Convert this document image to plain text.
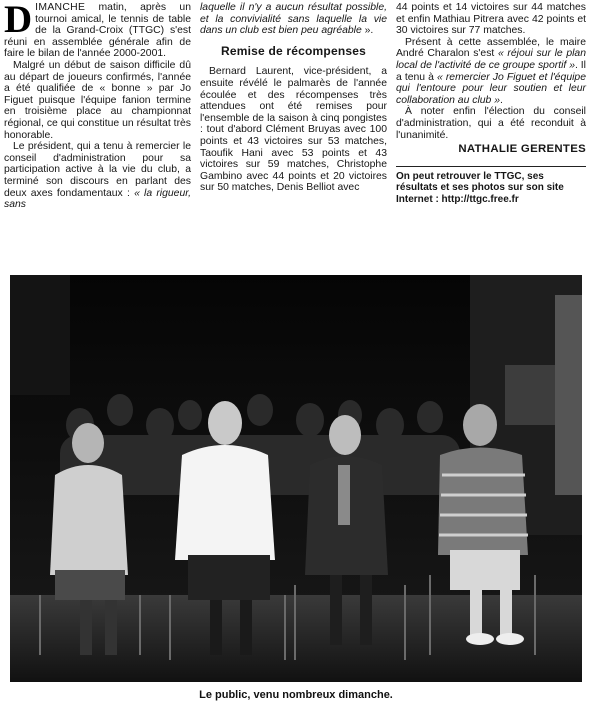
DIMANCHE matin, après un tournoi amical, le tennis de table de la Grand-Croix (TTGC) s'est réuni en assemblée générale afin de faire le bilan de l'année 2000-2001.

Malgré un début de saison difficile dû au départ de joueurs confirmés, l'année a été qualifiée de « bonne » par Jo Figuet puisque l'équipe fanion termine en troisième place au championnat régional, ce qui constitue un résultat très honorable.

Le président, qui a tenu à remercier le conseil d'administration pour sa participation active à la vie du club, a terminé son discours en parlant des deux axes fondamentaux : « la rigueur, sans

laquelle il n'y a aucun résultat possible, et la convivialité sans laquelle la vie dans un club est bien peu agréable ».

Remise de récompenses

Bernard Laurent, vice-président, a ensuite révélé le palmarès de l'année écoulée et des récompenses très attendues ont été remises pour l'ensemble de la saison à cinq pongistes : tout d'abord Clément Bruyas avec 100 points et 43 victoires sur 53 matches, Taoufik Hani avec 53 points et 43 victoires sur 59 matches, Christophe Gambino avec 44 points et 20 victoires sur 50 matches, Denis Belliot avec

44 points et 14 victoires sur 44 matches et enfin Mathiau Pitrera avec 42 points et 30 victoires sur 77 matches.

Présent à cette assemblée, le maire André Charalon s'est « réjoui sur le plan local de l'activité de ce groupe sportif ». Il a tenu à « remercier Jo Figuet et l'équipe qui l'entoure pour leur soutien et leur collaboration au club ».

À noter enfin l'élection du conseil d'administration, qui a été reconduit à l'unanimité.

NATHALIE GERENTES
On peut retrouver le TTGC, ses résultats et ses photos sur son site Internet : http://ttgc.free.fr
Le public, venu nombreux dimanche.
